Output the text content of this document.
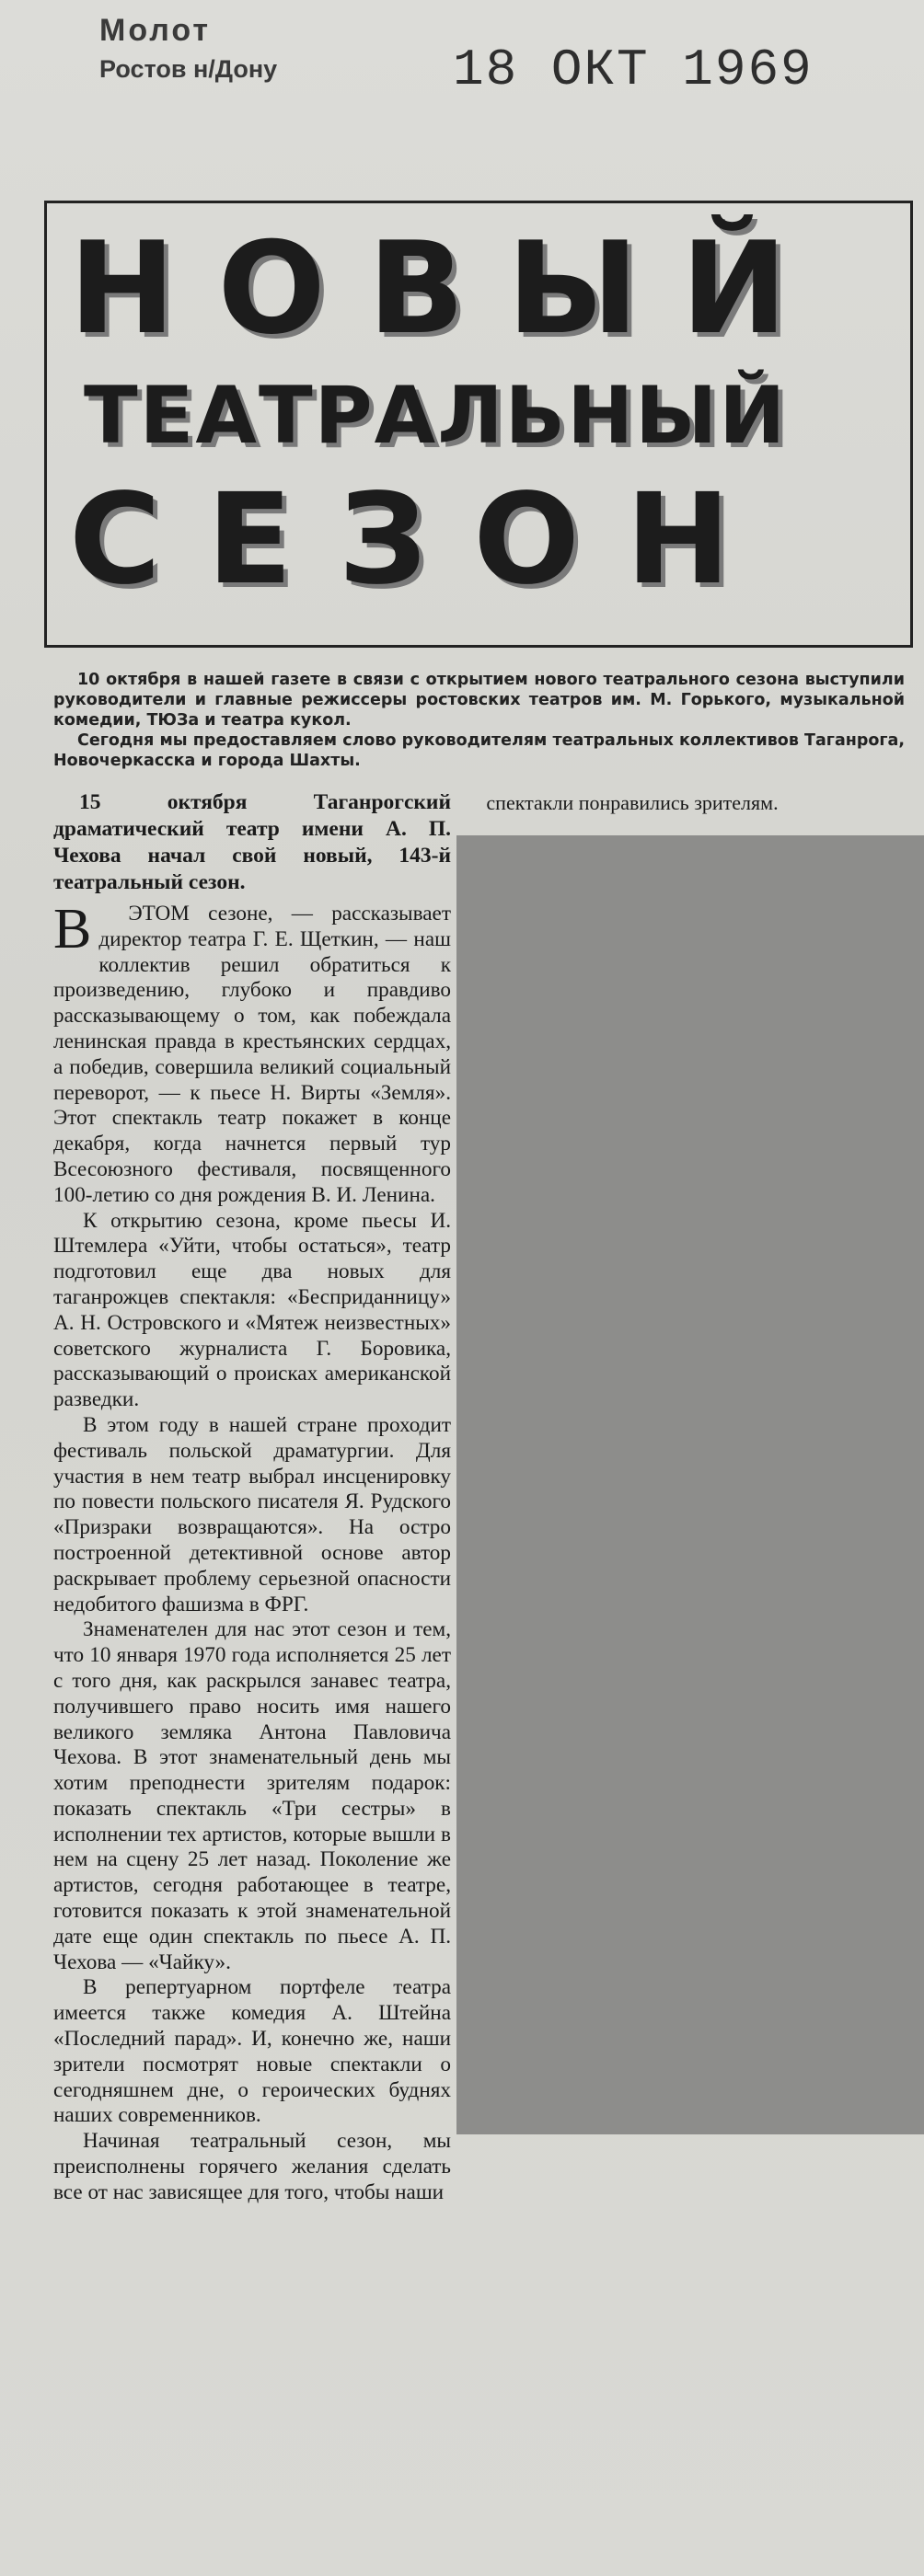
Молот
Ростов н/Дону	18 ОКТ 1969
НОВЫЙ
ТЕАТРАЛЬНЫЙ
СЕЗОН

10 октября в нашей газете в связи с открытием нового театрального сезона выступили руководители и главные режиссеры ростовских театров им. М. Горького, музыкальной комедии, ТЮЗа и театра кукол.

Сегодня мы предоставляем слово руководителям театральных коллективов Таганрога, Новочеркасска и города Шахты.

15 октября Таганрогский драматический театр имени А. П. Чехова начал свой новый, 143-й театральный сезон.

спектакли понравились зрителям.

В ЭТОМ сезоне, — рассказывает директор театра Г. Е. Щеткин, — наш коллектив решил обратиться к произведению, глубоко и правдиво рассказывающему о том, как побеждала ленинская правда в крестьянских сердцах, а победив, совершила великий социальный переворот, — к пьесе Н. Вирты «Земля». Этот спектакль театр покажет в конце декабря, когда начнется первый тур Всесоюзного фестиваля, посвященного 100-летию со дня рождения В. И. Ленина.

К открытию сезона, кроме пьесы И. Штемлера «Уйти, чтобы остаться», театр подготовил еще два новых для таганрожцев спектакля: «Бесприданницу» А. Н. Островского и «Мятеж неизвестных» советского журналиста Г. Боровика, рассказывающий о происках американской разведки.

В этом году в нашей стране проходит фестиваль польской драматургии. Для участия в нем театр выбрал инсценировку по повести польского писателя Я. Рудского «Призраки возвращаются». На остро построенной детективной основе автор раскрывает проблему серьезной опасности недобитого фашизма в ФРГ.

Знаменателен для нас этот сезон и тем, что 10 января 1970 года исполняется 25 лет с того дня, как раскрылся занавес театра, получившего право носить имя нашего великого земляка Антона Павловича Чехова. В этот знаменательный день мы хотим преподнести зрителям подарок: показать спектакль «Три сестры» в исполнении тех артистов, которые вышли в нем на сцену 25 лет назад. Поколение же артистов, сегодня работающее в театре, готовится показать к этой знаменательной дате еще один спектакль по пьесе А. П. Чехова — «Чайку».

В репертуарном портфеле театра имеется также комедия А. Штейна «Последний парад». И, конечно же, наши зрители посмотрят новые спектакли о сегодняшнем дне, о героических буднях наших современников.

Начиная театральный сезон, мы преисполнены горячего желания сделать все от нас зависящее для того, чтобы наши
